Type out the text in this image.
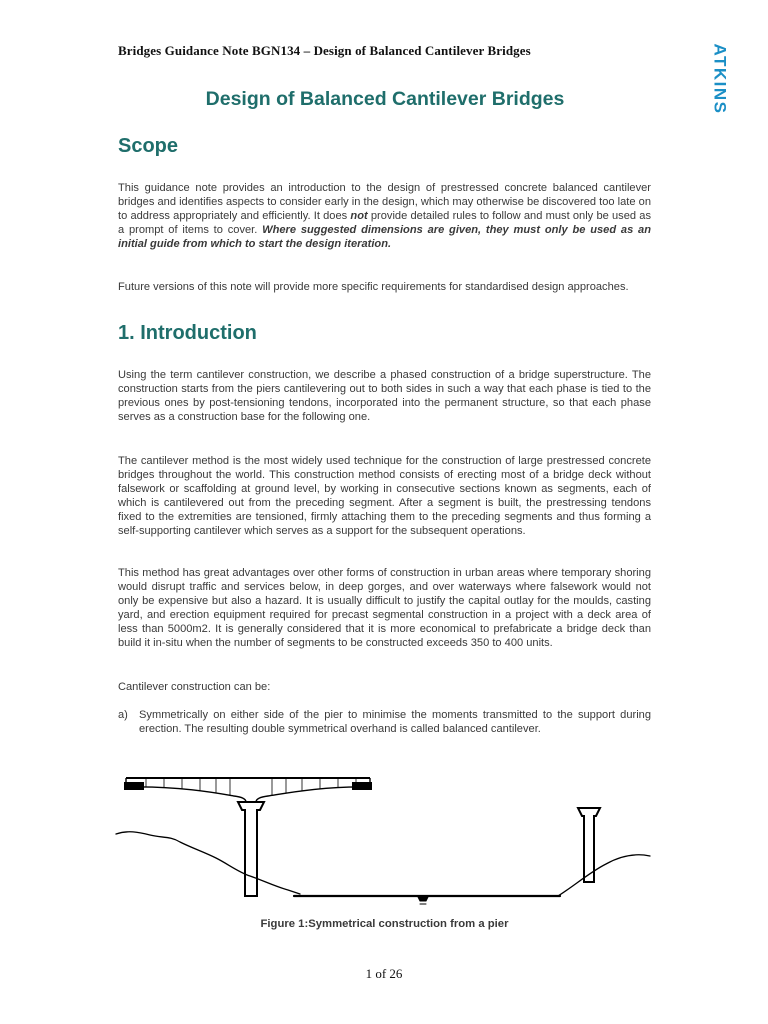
Bridges Guidance Note BGN134 – Design of Balanced Cantilever Bridges	ATKINS
Design of Balanced Cantilever Bridges
Scope

This guidance note provides an introduction to the design of prestressed concrete balanced cantilever bridges and identifies aspects to consider early in the design, which may otherwise be discovered too late on to address appropriately and efficiently. It does not provide detailed rules to follow and must only be used as a prompt of items to cover. Where suggested dimensions are given, they must only be used as an initial guide from which to start the design iteration.

Future versions of this note will provide more specific requirements for standardised design approaches.

1. Introduction

Using the term cantilever construction, we describe a phased construction of a bridge superstructure. The construction starts from the piers cantilevering out to both sides in such a way that each phase is tied to the previous ones by post-tensioning tendons, incorporated into the permanent structure, so that each phase serves as a construction base for the following one.

The cantilever method is the most widely used technique for the construction of large prestressed concrete bridges throughout the world. This construction method consists of erecting most of a bridge deck without falsework or scaffolding at ground level, by working in consecutive sections known as segments, each of which is cantilevered out from the preceding segment. After a segment is built, the prestressing tendons fixed to the extremities are tensioned, firmly attaching them to the preceding segments and thus forming a self-supporting cantilever which serves as a support for the subsequent operations.

This method has great advantages over other forms of construction in urban areas where temporary shoring would disrupt traffic and services below, in deep gorges, and over waterways where falsework would not only be expensive but also a hazard. It is usually difficult to justify the capital outlay for the moulds, casting yard, and erection equipment required for precast segmental construction in a project with a deck area of less than 5000m2. It is generally considered that it is more economical to prefabricate a bridge deck than build it in-situ when the number of segments to be constructed exceeds 350 to 400 units.

Cantilever construction can be:

a)	Symmetrically on either side of the pier to minimise the moments transmitted to the support during erection. The resulting double symmetrical overhand is called balanced cantilever.
Figure 1:Symmetrical construction from a pier
1 of 26
